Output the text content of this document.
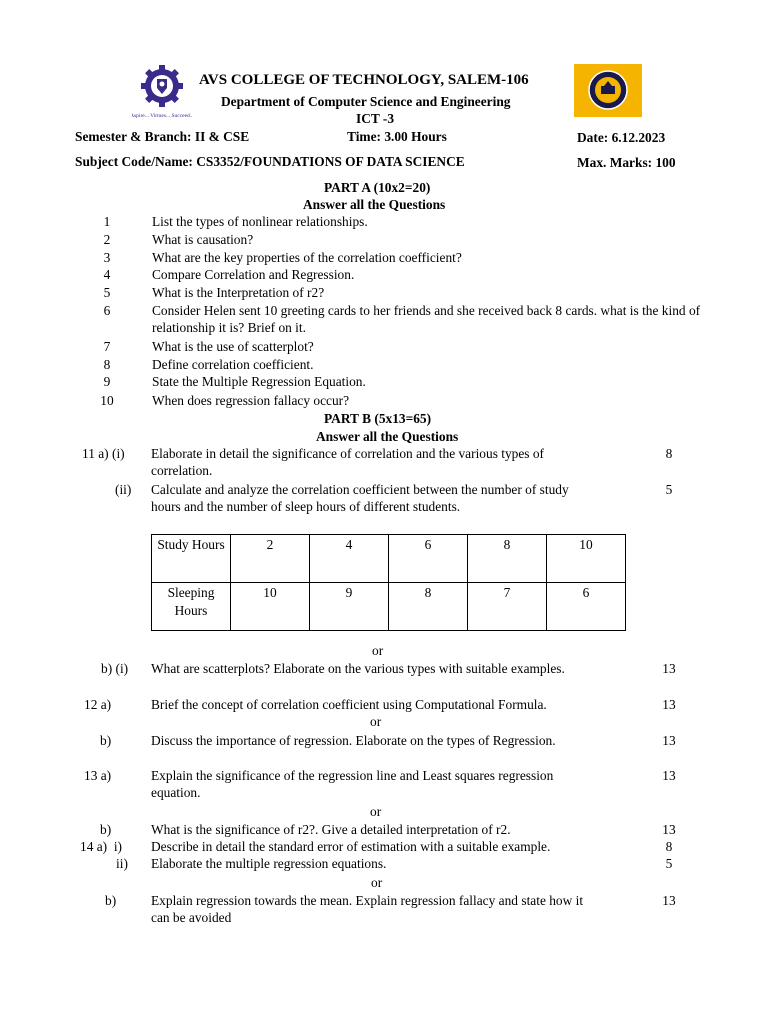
Aspire... Virtues... Succeed...
AVS COLLEGE OF TECHNOLOGY, SALEM-106
Department of Computer Science and Engineering
ICT -3
Semester & Branch: II & CSE	Time: 3.00 Hours	Date: 6.12.2023
Subject Code/Name: CS3352/FOUNDATIONS OF DATA SCIENCE	Max. Marks: 100
PART A (10x2=20)
Answer all the Questions
1	List the types of nonlinear relationships.
2	What is causation?
3	What are the key properties of the correlation coefficient?
4	Compare Correlation and Regression.
5	What is the Interpretation of r2?
6	Consider Helen sent 10 greeting cards to her friends and she received back 8 cards. what is the kind of relationship it is? Brief on it.
7	What is the use of scatterplot?
8	Define correlation coefficient.
9	State the Multiple Regression Equation.
10	When does regression fallacy occur?
PART B (5x13=65)
Answer all the Questions
11 a) (i) Elaborate in detail the significance of correlation and the various types of correlation.
8
(ii) Calculate and analyze the correlation coefficient between the number of study hours and the number of sleep hours of different students.
5
Study Hours	2	4	6	8	10
Sleeping Hours	10	9	8	7	6
or
b) (i) What are scatterplots? Elaborate on the various types with suitable examples.	13
12 a)	Brief the concept of correlation coefficient using Computational Formula.	13
or
b)	Discuss the importance of regression. Elaborate on the types of Regression.	13
13 a)	Explain the significance of the regression line and Least squares regression equation.
13
or
b)	What is the significance of r2?. Give a detailed interpretation of r2.	13
14 a)  i) Describe in detail the standard error of estimation with a suitable example.	8
ii) Elaborate the multiple regression equations.	5
or
b)	Explain regression towards the mean. Explain regression fallacy and state how it can be avoided
13
